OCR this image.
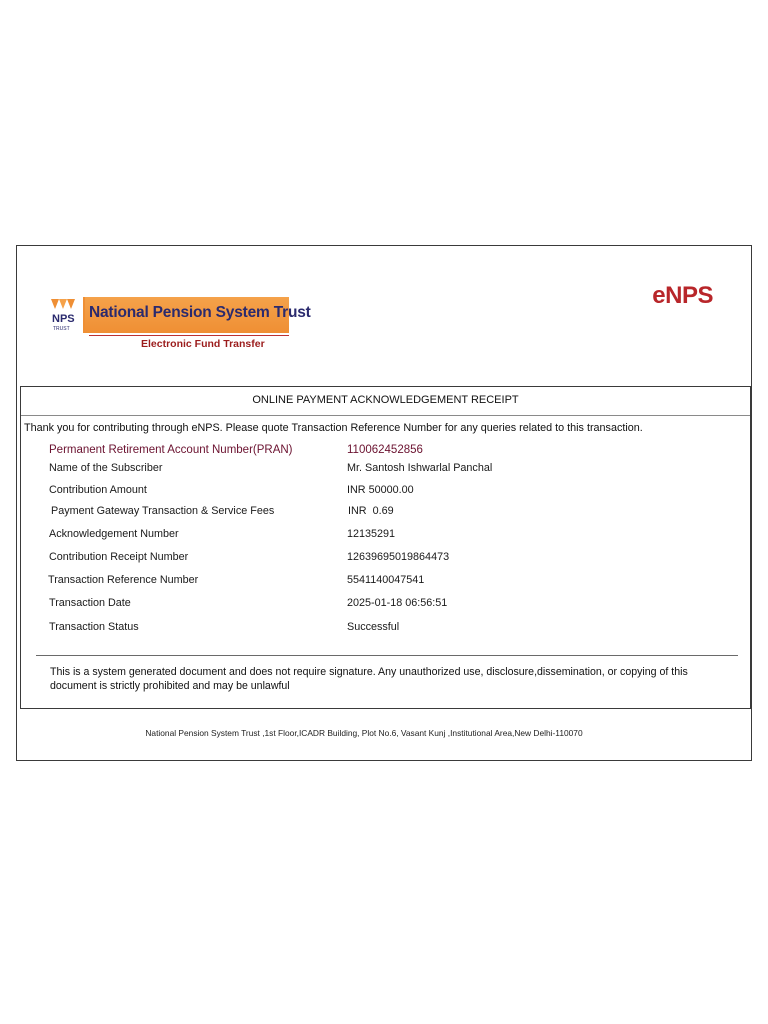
NPS
TRUST
National Pension System Trust
Electronic Fund Transfer
eNPS
ONLINE PAYMENT ACKNOWLEDGEMENT RECEIPT
Thank you for contributing through eNPS. Please quote Transaction Reference Number for any queries related to this transaction.
Permanent Retirement Account Number(PRAN)	110062452856
Name of the Subscriber	Mr. Santosh Ishwarlal Panchal
Contribution Amount	INR 50000.00
Payment Gateway Transaction & Service Fees	INR  0.69
Acknowledgement Number	12135291
Contribution Receipt Number	12639695019864473
Transaction Reference Number	5541140047541
Transaction Date	2025-01-18 06:56:51
Transaction Status	Successful
This is a system generated document and does not require signature. Any unauthorized use, disclosure,dissemination, or copying of this document is strictly prohibited and may be unlawful
National Pension System Trust ,1st Floor,ICADR Building, Plot No.6, Vasant Kunj ,Institutional Area,New Delhi-110070
